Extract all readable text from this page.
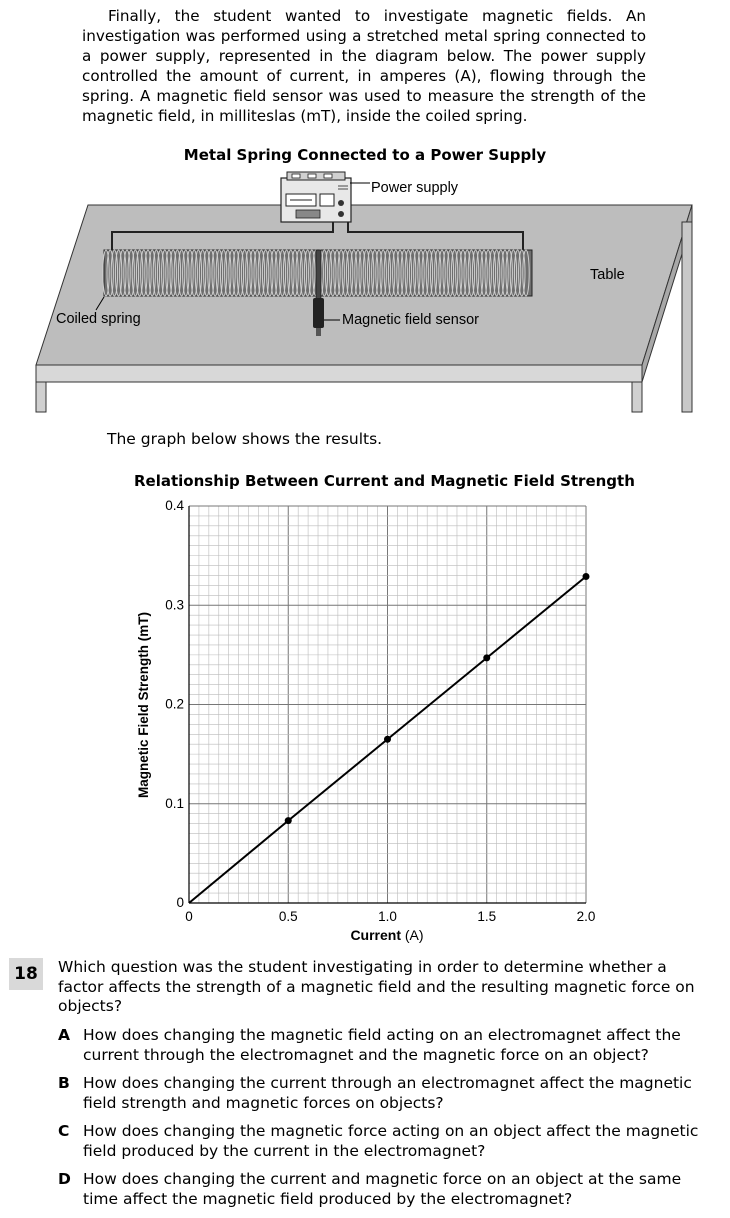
Finally, the student wanted to investigate magnetic fields. An investigation was performed using a stretched metal spring connected to a power supply, represented in the diagram below. The power supply controlled the amount of current, in amperes (A), flowing through the spring. A magnetic field sensor was used to measure the strength of the magnetic field, in milliteslas (mT), inside the coiled spring.

Metal Spring Connected to a Power Supply
Power supply
Table
Coiled spring	Magnetic field sensor
The graph below shows the results.
Relationship Between Current and Magnetic Field Strength
0	0.5	1.0	1.5	2.0
0
0.1
0.2
0.3
0.4
Magnetic Field Strength (mT)
Current (A)
18	Which question was the student investigating in order to determine whether a factor affects the strength of a magnetic field and the resulting magnetic force on objects?
A How does changing the magnetic field acting on an electromagnet affect the current through the electromagnet and the magnetic force on an object?
B How does changing the current through an electromagnet affect the magnetic field strength and magnetic forces on objects?
C How does changing the magnetic force acting on an object affect the magnetic field produced by the current in the electromagnet?
D How does changing the current and magnetic force on an object at the same time affect the magnetic field produced by the electromagnet?
